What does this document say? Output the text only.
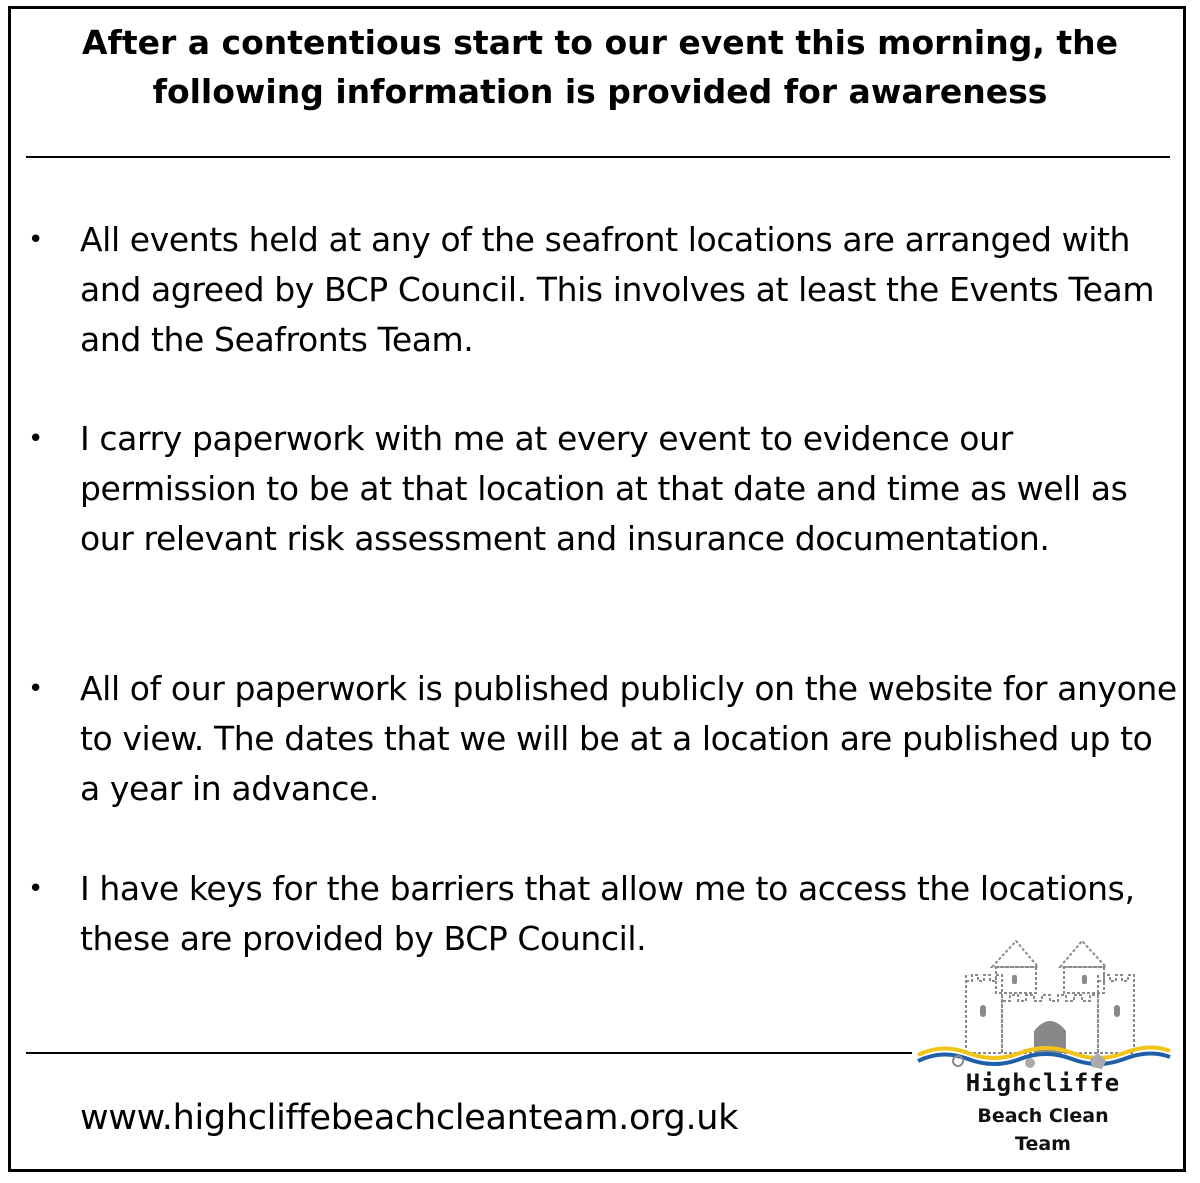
After a contentious start to our event this morning, the following information is provided for awareness
• All events held at any of the seafront locations are arranged with and agreed by BCP Council. This involves at least the Events Team and the Seafronts Team.
• I carry paperwork with me at every event to evidence our permission to be at that location at that date and time as well as our relevant risk assessment and insurance documentation.
• All of our paperwork is published publicly on the website for anyone to view. The dates that we will be at a location are published up to a year in advance.
• I have keys for the barriers that allow me to access the locations, these are provided by BCP Council.
www.highcliffebeachcleanteam.org.uk
Highcliffe
Beach Clean
Team
